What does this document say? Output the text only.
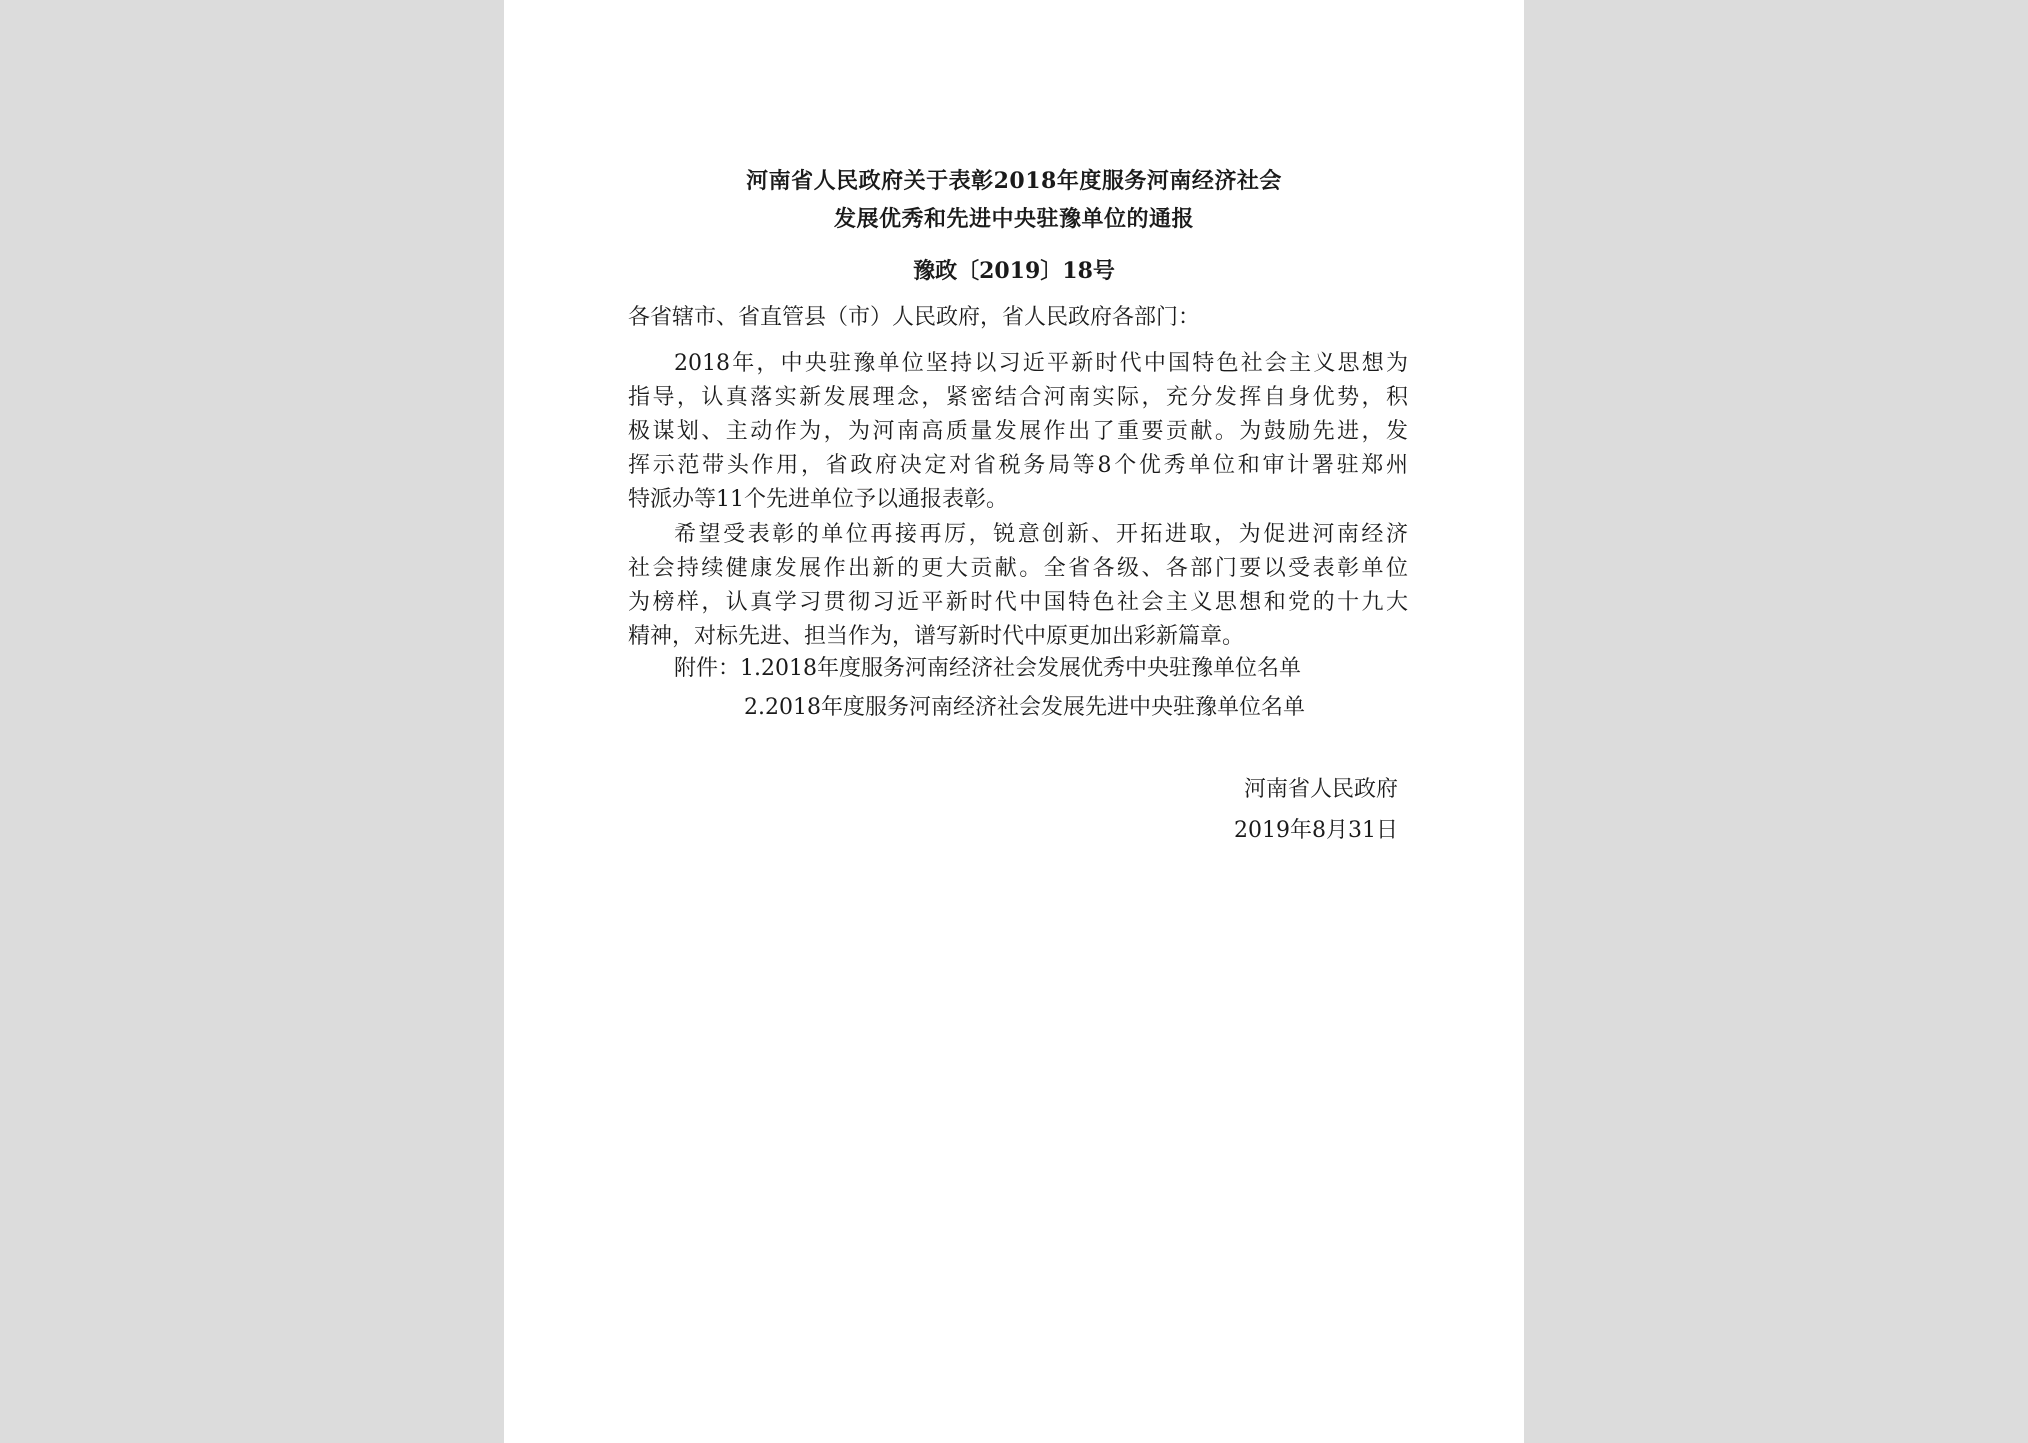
河南省人民政府关于表彰2018年度服务河南经济社会
发展优秀和先进中央驻豫单位的通报
豫政〔2019〕18号
各省辖市、省直管县（市）人民政府，省人民政府各部门：
2018年，中央驻豫单位坚持以习近平新时代中国特色社会主义思想为
指导，认真落实新发展理念，紧密结合河南实际，充分发挥自身优势，积
极谋划、主动作为，为河南高质量发展作出了重要贡献。为鼓励先进，发
挥示范带头作用，省政府决定对省税务局等8个优秀单位和审计署驻郑州
特派办等11个先进单位予以通报表彰。
希望受表彰的单位再接再厉，锐意创新、开拓进取，为促进河南经济
社会持续健康发展作出新的更大贡献。全省各级、各部门要以受表彰单位
为榜样，认真学习贯彻习近平新时代中国特色社会主义思想和党的十九大
精神，对标先进、担当作为，谱写新时代中原更加出彩新篇章。
附件：1.2018年度服务河南经济社会发展优秀中央驻豫单位名单
2.2018年度服务河南经济社会发展先进中央驻豫单位名单
河南省人民政府
2019年8月31日
